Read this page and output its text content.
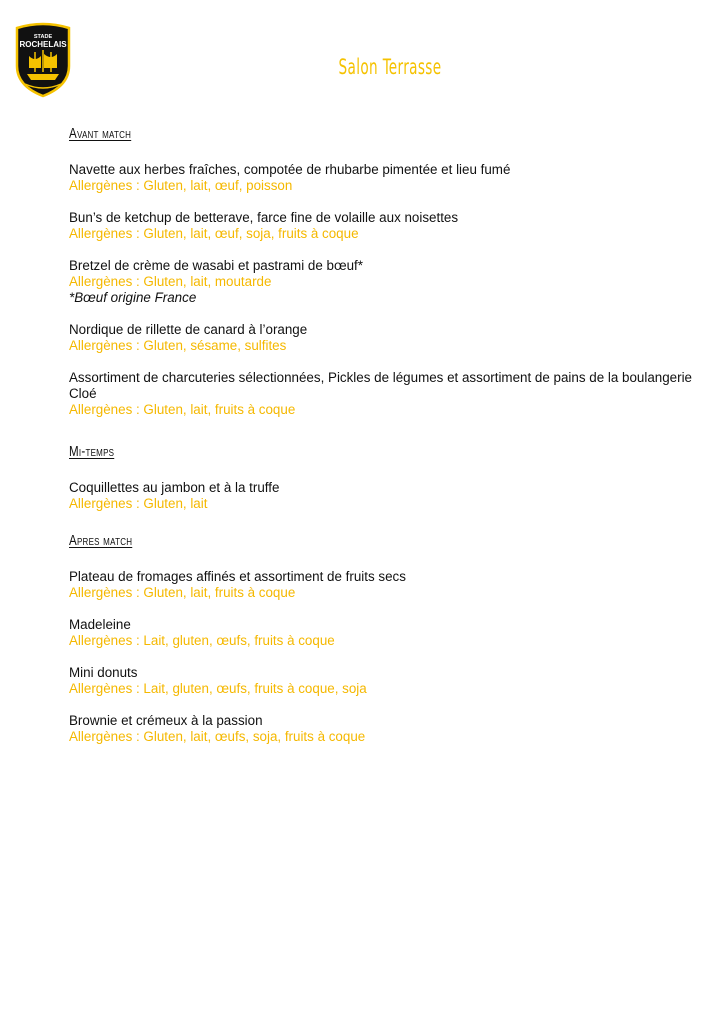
STADE
ROCHELAIS
Salon Terrasse
Avant match
Navette aux herbes fraîches, compotée de rhubarbe pimentée et lieu fumé
Allergènes : Gluten, lait, œuf, poisson
Bun’s de ketchup de betterave, farce fine de volaille aux noisettes
Allergènes : Gluten, lait, œuf, soja, fruits à coque
Bretzel de crème de wasabi et pastrami de bœuf*
Allergènes : Gluten, lait, moutarde
*Bœuf origine France
Nordique de rillette de canard à l’orange
Allergènes : Gluten, sésame, sulfites
Assortiment de charcuteries sélectionnées, Pickles de légumes et assortiment de pains de la boulangerie Cloé
Allergènes : Gluten, lait, fruits à coque
Mi-temps
Coquillettes au jambon et à la truffe
Allergènes : Gluten, lait
Apres match
Plateau de fromages affinés et assortiment de fruits secs
Allergènes : Gluten, lait, fruits à coque
Madeleine
Allergènes : Lait, gluten, œufs, fruits à coque
Mini donuts
Allergènes : Lait, gluten, œufs, fruits à coque, soja
Brownie et crémeux à la passion
Allergènes : Gluten, lait, œufs, soja, fruits à coque
